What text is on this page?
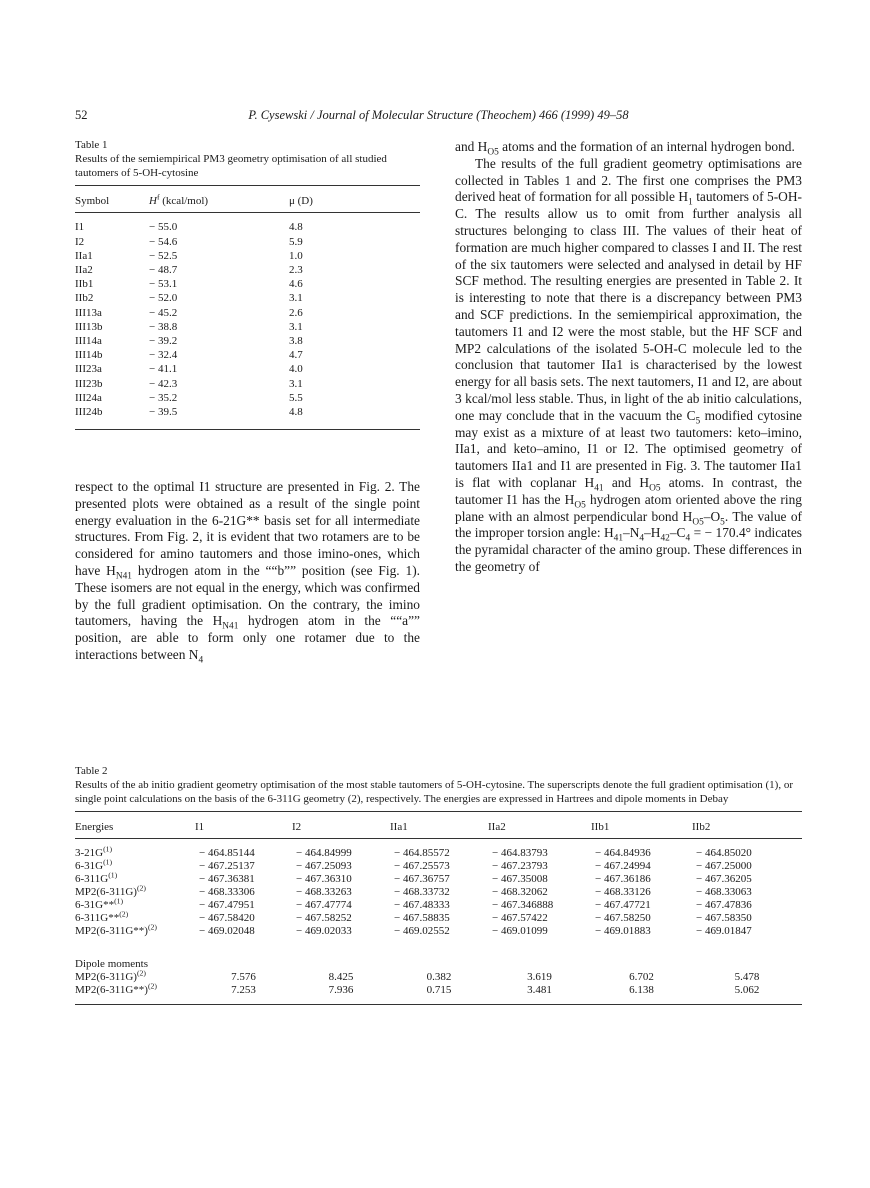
52	P. Cysewski / Journal of Molecular Structure (Theochem) 466 (1999) 49–58
Table 1
Results of the semiempirical PM3 geometry optimisation of all studied tautomers of 5-OH-cytosine
Symbol	$H^f$ (kcal/mol)	μ (D)
I1	− 55.0	4.8
I2	− 54.6	5.9
IIa1	− 52.5	1.0
IIa2	− 48.7	2.3
IIb1	− 53.1	4.6
IIb2	− 52.0	3.1
III13a	− 45.2	2.6
III13b	− 38.8	3.1
III14a	− 39.2	3.8
III14b	− 32.4	4.7
III23a	− 41.1	4.0
III23b	− 42.3	3.1
III24a	− 35.2	5.5
III24b	− 39.5	4.8

respect to the optimal I1 structure are presented in Fig. 2. The presented plots were obtained as a result of the single point energy evaluation in the 6-21G** basis set for all intermediate structures. From Fig. 2, it is evident that two rotamers are to be considered for amino tautomers and those imino-ones, which have $H_{N41}$ hydrogen atom in the ““b”” position (see Fig. 1). These isomers are not equal in the energy, which was confirmed by the full gradient optimisation. On the contrary, the imino tautomers, having the $H_{N41}$ hydrogen atom in the ““a”” position, are able to form only one rotamer due to the interactions between $N_4$

and $H_{O5}$ atoms and the formation of an internal hydrogen bond.

The results of the full gradient geometry optimisations are collected in Tables 1 and 2. The first one comprises the PM3 derived heat of formation for all possible $H_1$ tautomers of 5-OH-C. The results allow us to omit from further analysis all structures belonging to class III. The values of their heat of formation are much higher compared to classes I and II. The rest of the six tautomers were selected and analysed in detail by HF SCF method. The resulting energies are presented in Table 2. It is interesting to note that there is a discrepancy between PM3 and SCF predictions. In the semiempirical approximation, the tautomers I1 and I2 were the most stable, but the HF SCF and MP2 calculations of the isolated 5-OH-C molecule led to the conclusion that tautomer IIa1 is characterised by the lowest energy for all basis sets. The next tautomers, I1 and I2, are about 3 kcal/mol less stable. Thus, in light of the ab initio calculations, one may conclude that in the vacuum the $C_5$ modified cytosine may exist as a mixture of at least two tautomers: keto–imino, IIa1, and keto–amino, I1 or I2. The optimised geometry of tautomers IIa1 and I1 are presented in Fig. 3. The tautomer IIa1 is flat with coplanar $H_{41}$ and $H_{O5}$ atoms. In contrast, the tautomer I1 has the $H_{O5}$ hydrogen atom oriented above the ring plane with an almost perpendicular bond $H_{O5}-O_5$. The value of the improper torsion angle: $H_{41}-N_4-H_{42}-C_4$ = − 170.4° indicates the pyramidal character of the amino group. These differences in the geometry of

Table 2
Results of the ab initio gradient geometry optimisation of the most stable tautomers of 5-OH-cytosine. The superscripts denote the full gradient optimisation (1), or single point calculations on the basis of the 6-311G geometry (2), respectively. The energies are expressed in Hartrees and dipole moments in Debay
Energies	I1	I2	IIa1	IIa2	IIb1	IIb2
$3-21G^{(1)}$	− 464.85144	− 464.84999	− 464.85572	− 464.83793	− 464.84936	− 464.85020
$6-31G^{(1)}$	− 467.25137	− 467.25093	− 467.25573	− 467.23793	− 467.24994	− 467.25000
$6-311G^{(1)}$	− 467.36381	− 467.36310	− 467.36757	− 467.35008	− 467.36186	− 467.36205
$MP2(6-311G)^{(2)}$	− 468.33306	− 468.33263	− 468.33732	− 468.32062	− 468.33126	− 468.33063
6-31G**$^{(1)}$	− 467.47951	− 467.47774	− 467.48333	− 467.346888	− 467.47721	− 467.47836
6-311G**$^{(2)}$	− 467.58420	− 467.58252	− 467.58835	− 467.57422	− 467.58250	− 467.58350
$MP2(6-311G**)^{(2)}$	− 469.02048	− 469.02033	− 469.02552	− 469.01099	− 469.01883	− 469.01847
Dipole moments						
$MP2(6-311G)^{(2)}$	7.576	8.425	0.382	3.619	6.702	5.478
$MP2(6-311G**)^{(2)}$	7.253	7.936	0.715	3.481	6.138	5.062
